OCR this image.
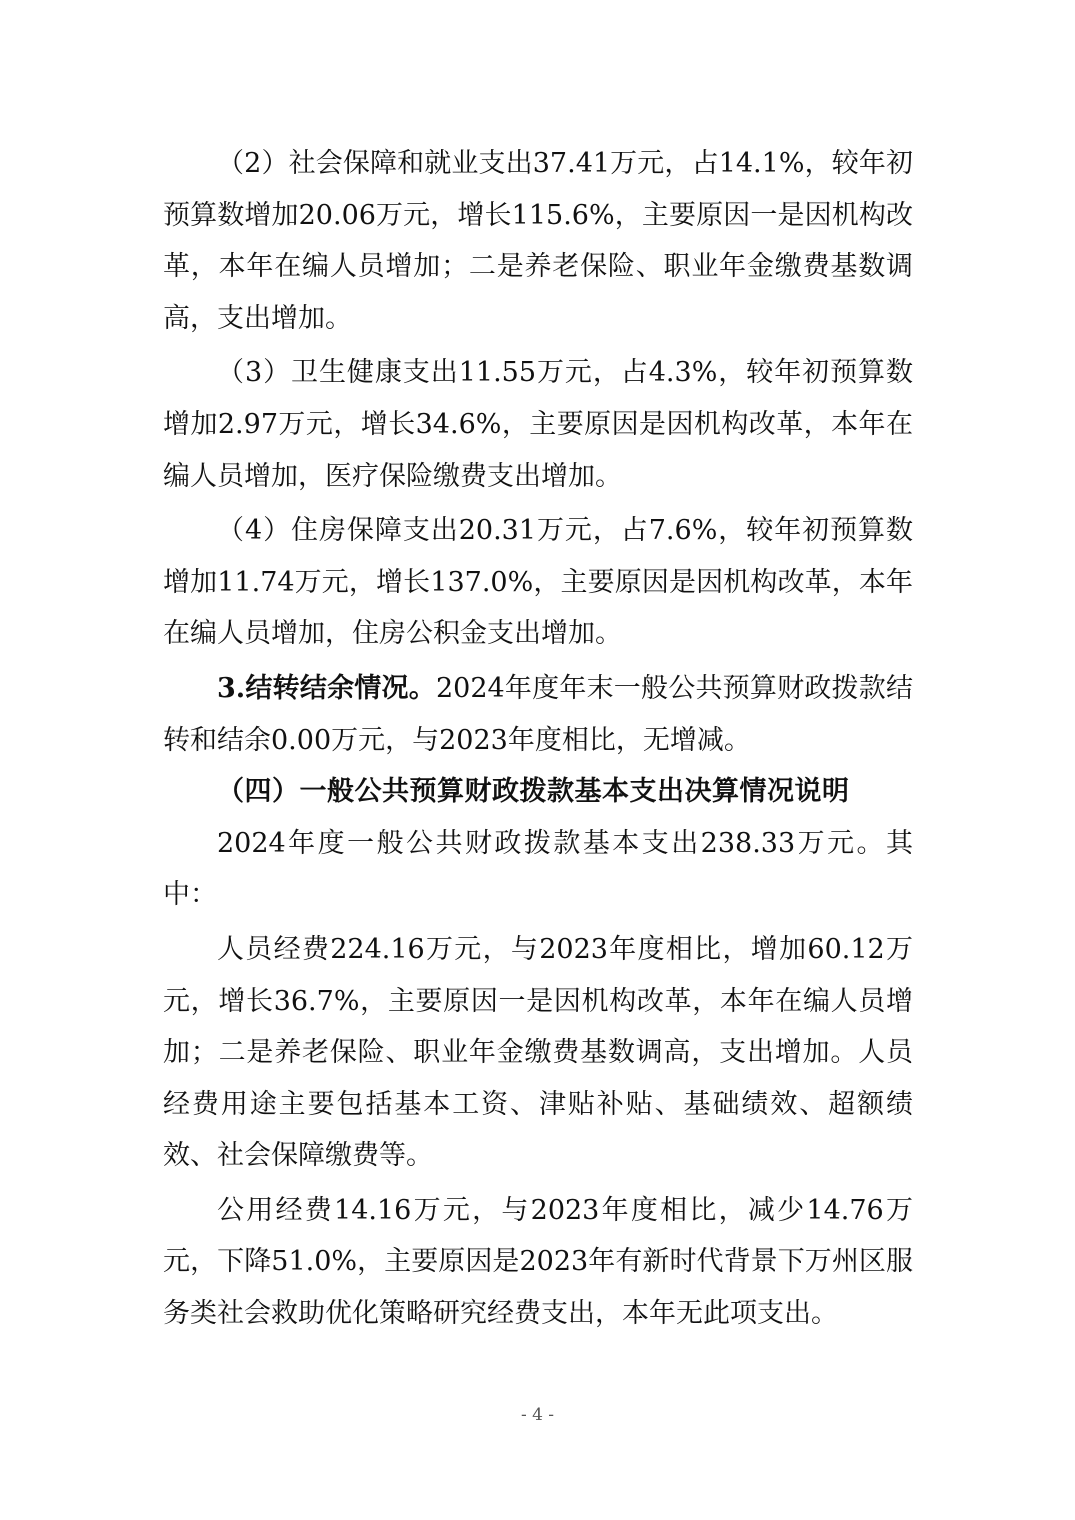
（2）社会保障和就业支出37.41万元，占14.1%，较年初预算数增加20.06万元，增长115.6%，主要原因一是因机构改革，本年在编人员增加；二是养老保险、职业年金缴费基数调高，支出增加。

（3）卫生健康支出11.55万元，占4.3%，较年初预算数增加2.97万元，增长34.6%，主要原因是因机构改革，本年在编人员增加，医疗保险缴费支出增加。

（4）住房保障支出20.31万元，占7.6%，较年初预算数增加11.74万元，增长137.0%，主要原因是因机构改革，本年在编人员增加，住房公积金支出增加。

3.结转结余情况。2024年度年末一般公共预算财政拨款结转和结余0.00万元，与2023年度相比，无增减。

（四）一般公共预算财政拨款基本支出决算情况说明

2024年度一般公共财政拨款基本支出238.33万元。其中：

人员经费224.16万元，与2023年度相比，增加60.12万元，增长36.7%，主要原因一是因机构改革，本年在编人员增加；二是养老保险、职业年金缴费基数调高，支出增加。人员经费用途主要包括基本工资、津贴补贴、基础绩效、超额绩效、社会保障缴费等。

公用经费14.16万元，与2023年度相比，减少14.76万元，下降51.0%，主要原因是2023年有新时代背景下万州区服务类社会救助优化策略研究经费支出，本年无此项支出。

- 4 -
